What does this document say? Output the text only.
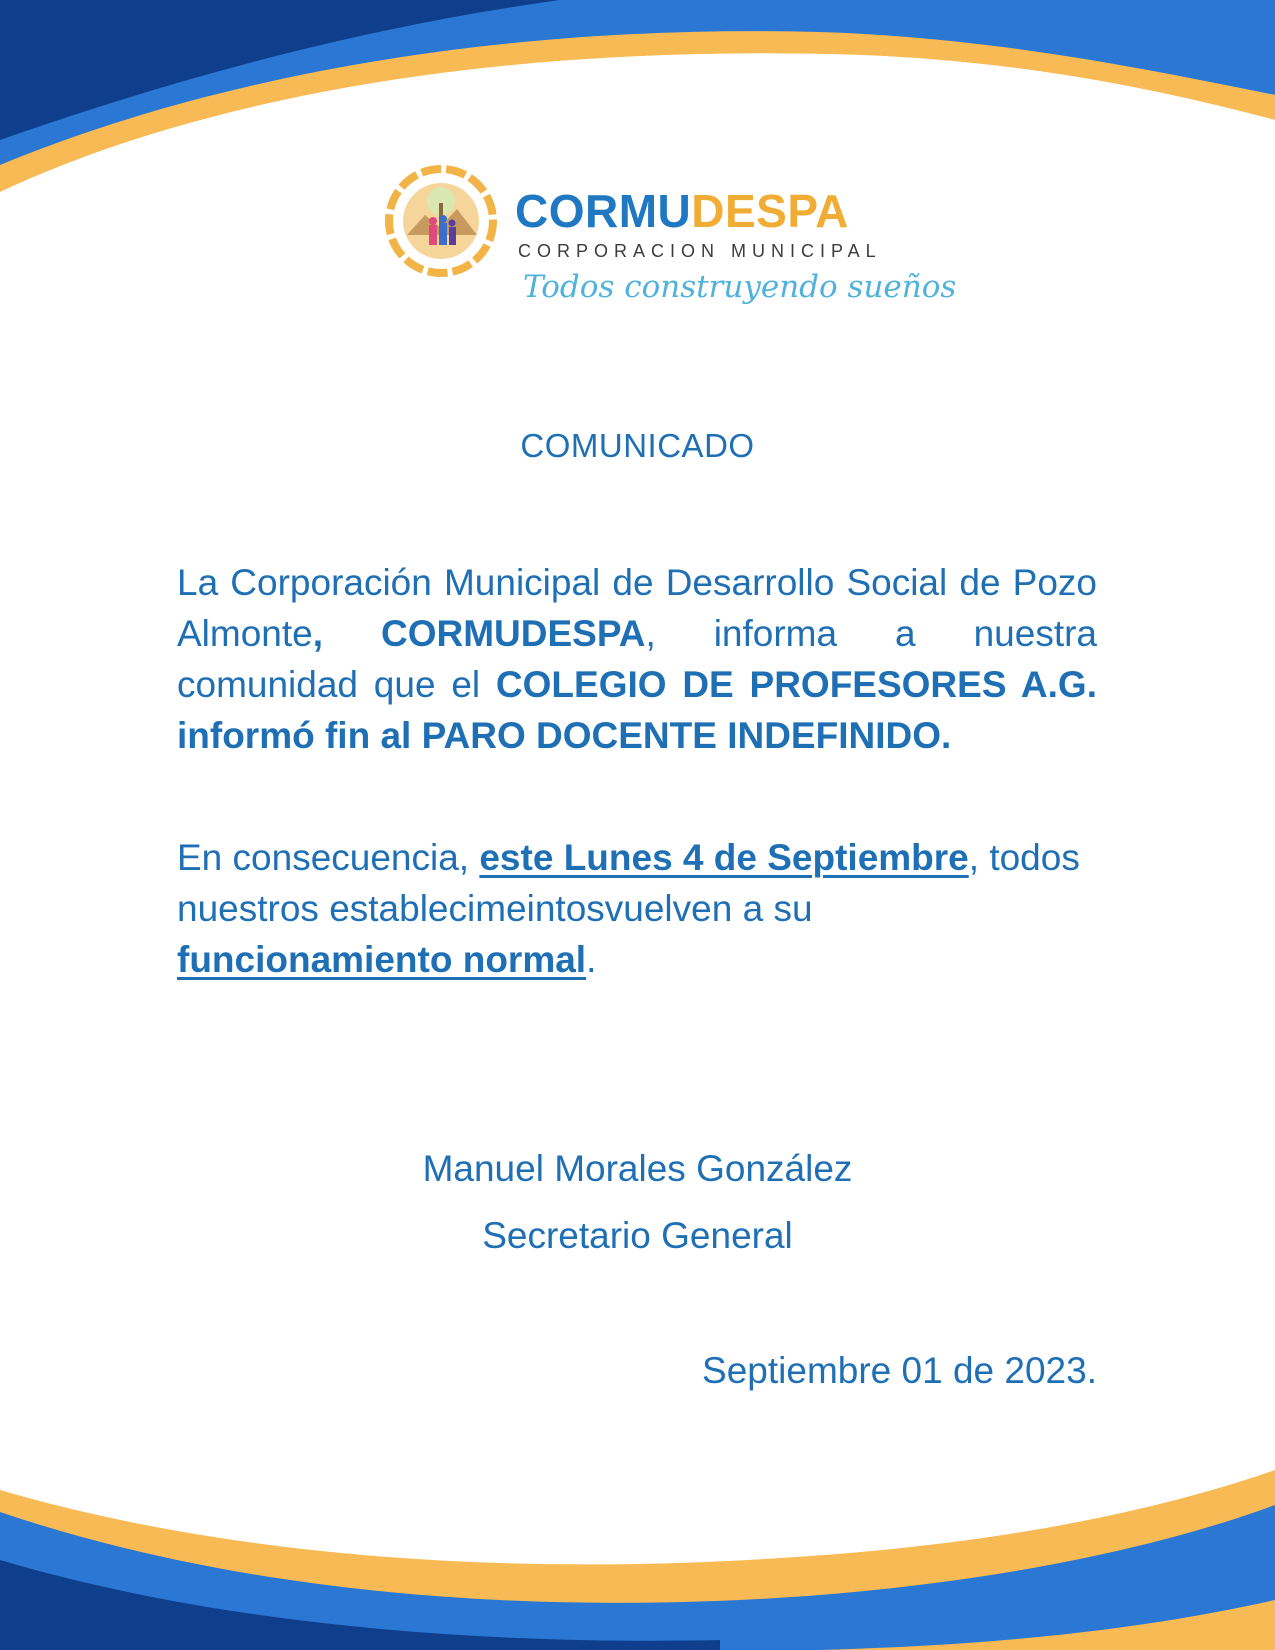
CORMUDESPA
CORPORACION MUNICIPAL
Todos construyendo sueños
COMUNICADO
La Corporación Municipal de Desarrollo Social de Pozo Almonte, CORMUDESPA, informa a nuestra comunidad que el COLEGIO DE PROFESORES A.G. informó fin al PARO DOCENTE INDEFINIDO.
En consecuencia, este Lunes 4 de Septiembre, todos nuestros establecimeintosvuelven a su funcionamiento normal.
Manuel Morales González
Secretario General
Septiembre 01 de 2023.
